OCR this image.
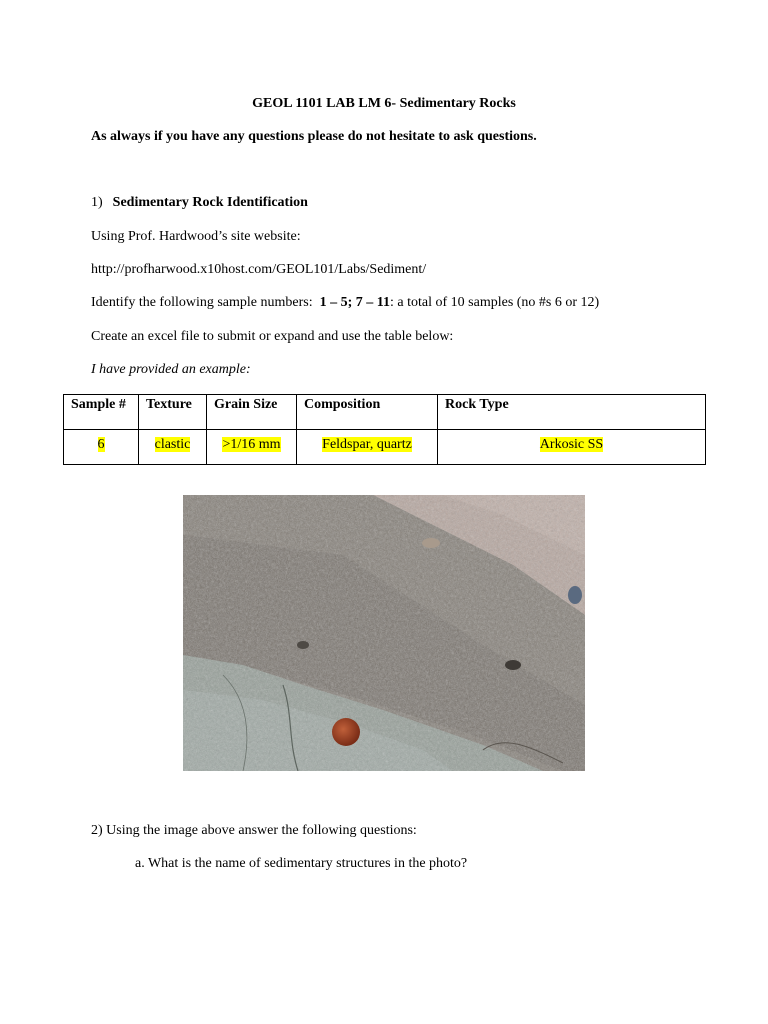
GEOL 1101 LAB LM 6- Sedimentary Rocks
As always if you have any questions please do not hesitate to ask questions.
1) Sedimentary Rock Identification
Using Prof. Hardwood’s site website:
http://profharwood.x10host.com/GEOL101/Labs/Sediment/
Identify the following sample numbers:  1 – 5; 7 – 11: a total of 10 samples (no #s 6 or 12)
Create an excel file to submit or expand and use the table below:
I have provided an example:
Sample #	Texture	Grain Size	Composition	Rock Type
6	clastic	>1/16 mm	Feldspar, quartz	Arkosic SS
2) Using the image above answer the following questions:
a. What is the name of sedimentary structures in the photo?
